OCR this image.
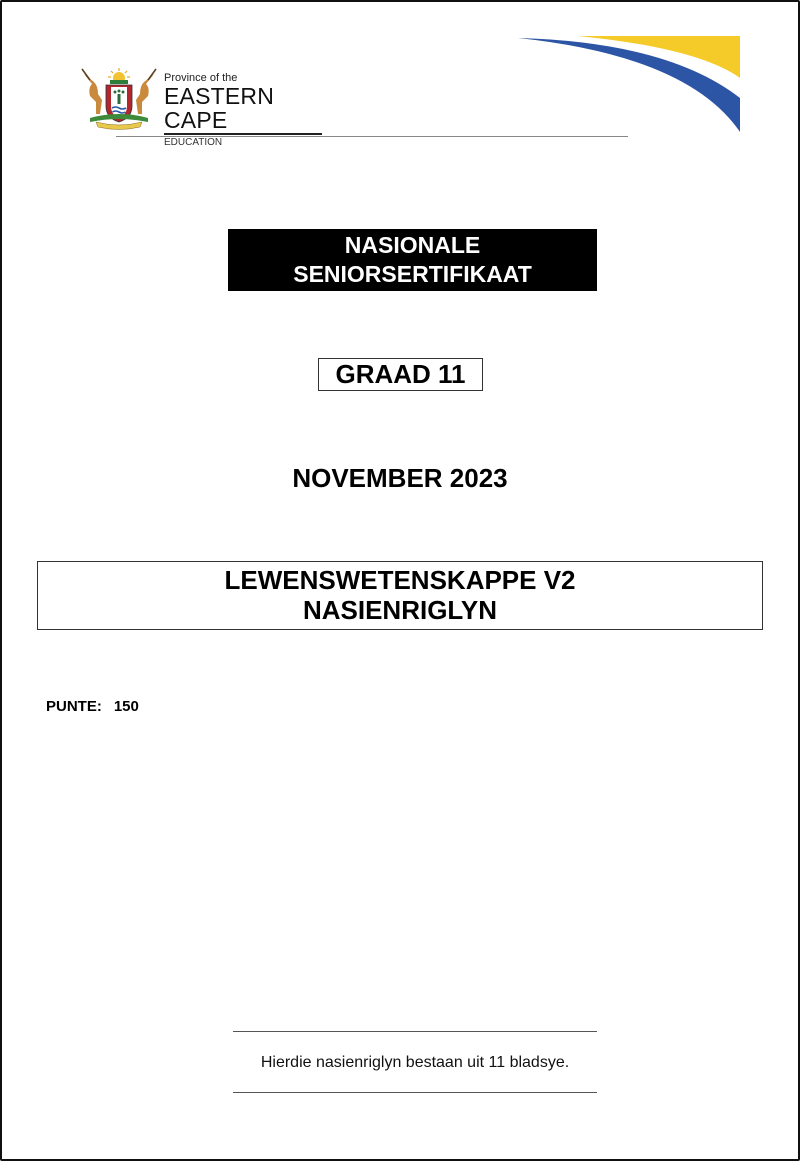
Province of the
EASTERN CAPE
EDUCATION
NASIONALE
SENIORSERTIFIKAAT
GRAAD 11
NOVEMBER 2023
LEWENSWETENSKAPPE V2
NASIENRIGLYN
PUNTE: 150
Hierdie nasienriglyn bestaan uit 11 bladsye.
